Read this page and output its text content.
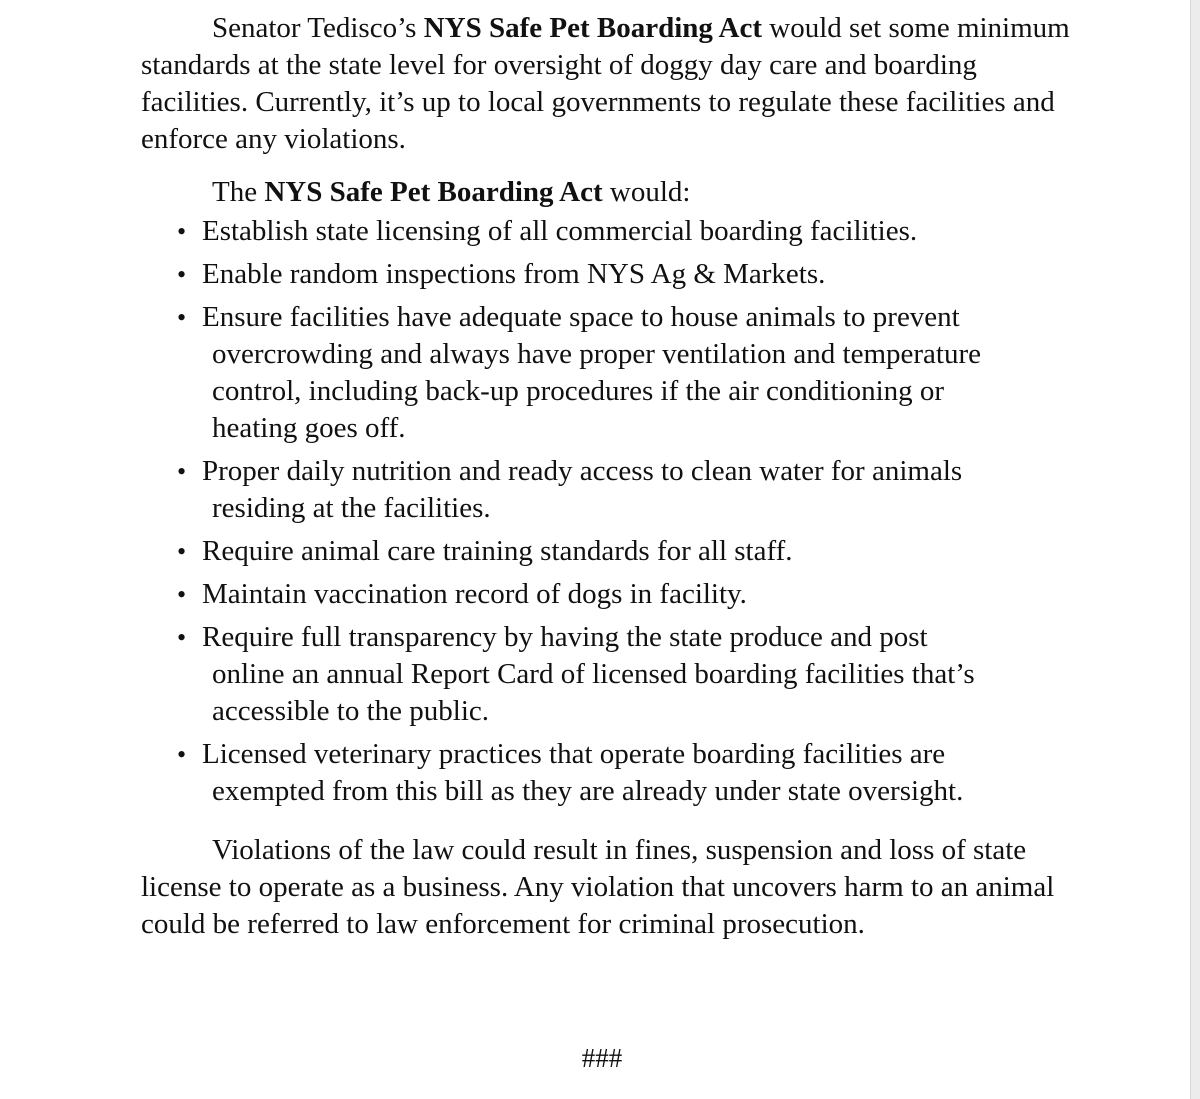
Senator Tedisco’s NYS Safe Pet Boarding Act would set some minimum standards at the state level for oversight of doggy day care and boarding facilities. Currently, it’s up to local governments to regulate these facilities and enforce any violations.

The NYS Safe Pet Boarding Act would:

• Establish state licensing of all commercial boarding facilities.
• Enable random inspections from NYS Ag & Markets.
• Ensure facilities have adequate space to house animals to prevent
overcrowding and always have proper ventilation and temperature control, including back-up procedures if the air conditioning or heating goes off.
• Proper daily nutrition and ready access to clean water for animals
residing at the facilities.
• Require animal care training standards for all staff.
• Maintain vaccination record of dogs in facility.
• Require full transparency by having the state produce and post
online an annual Report Card of licensed boarding facilities that’s accessible to the public.
• Licensed veterinary practices that operate boarding facilities are
exempted from this bill as they are already under state oversight.

Violations of the law could result in fines, suspension and loss of state license to operate as a business. Any violation that uncovers harm to an animal could be referred to law enforcement for criminal prosecution.

###
